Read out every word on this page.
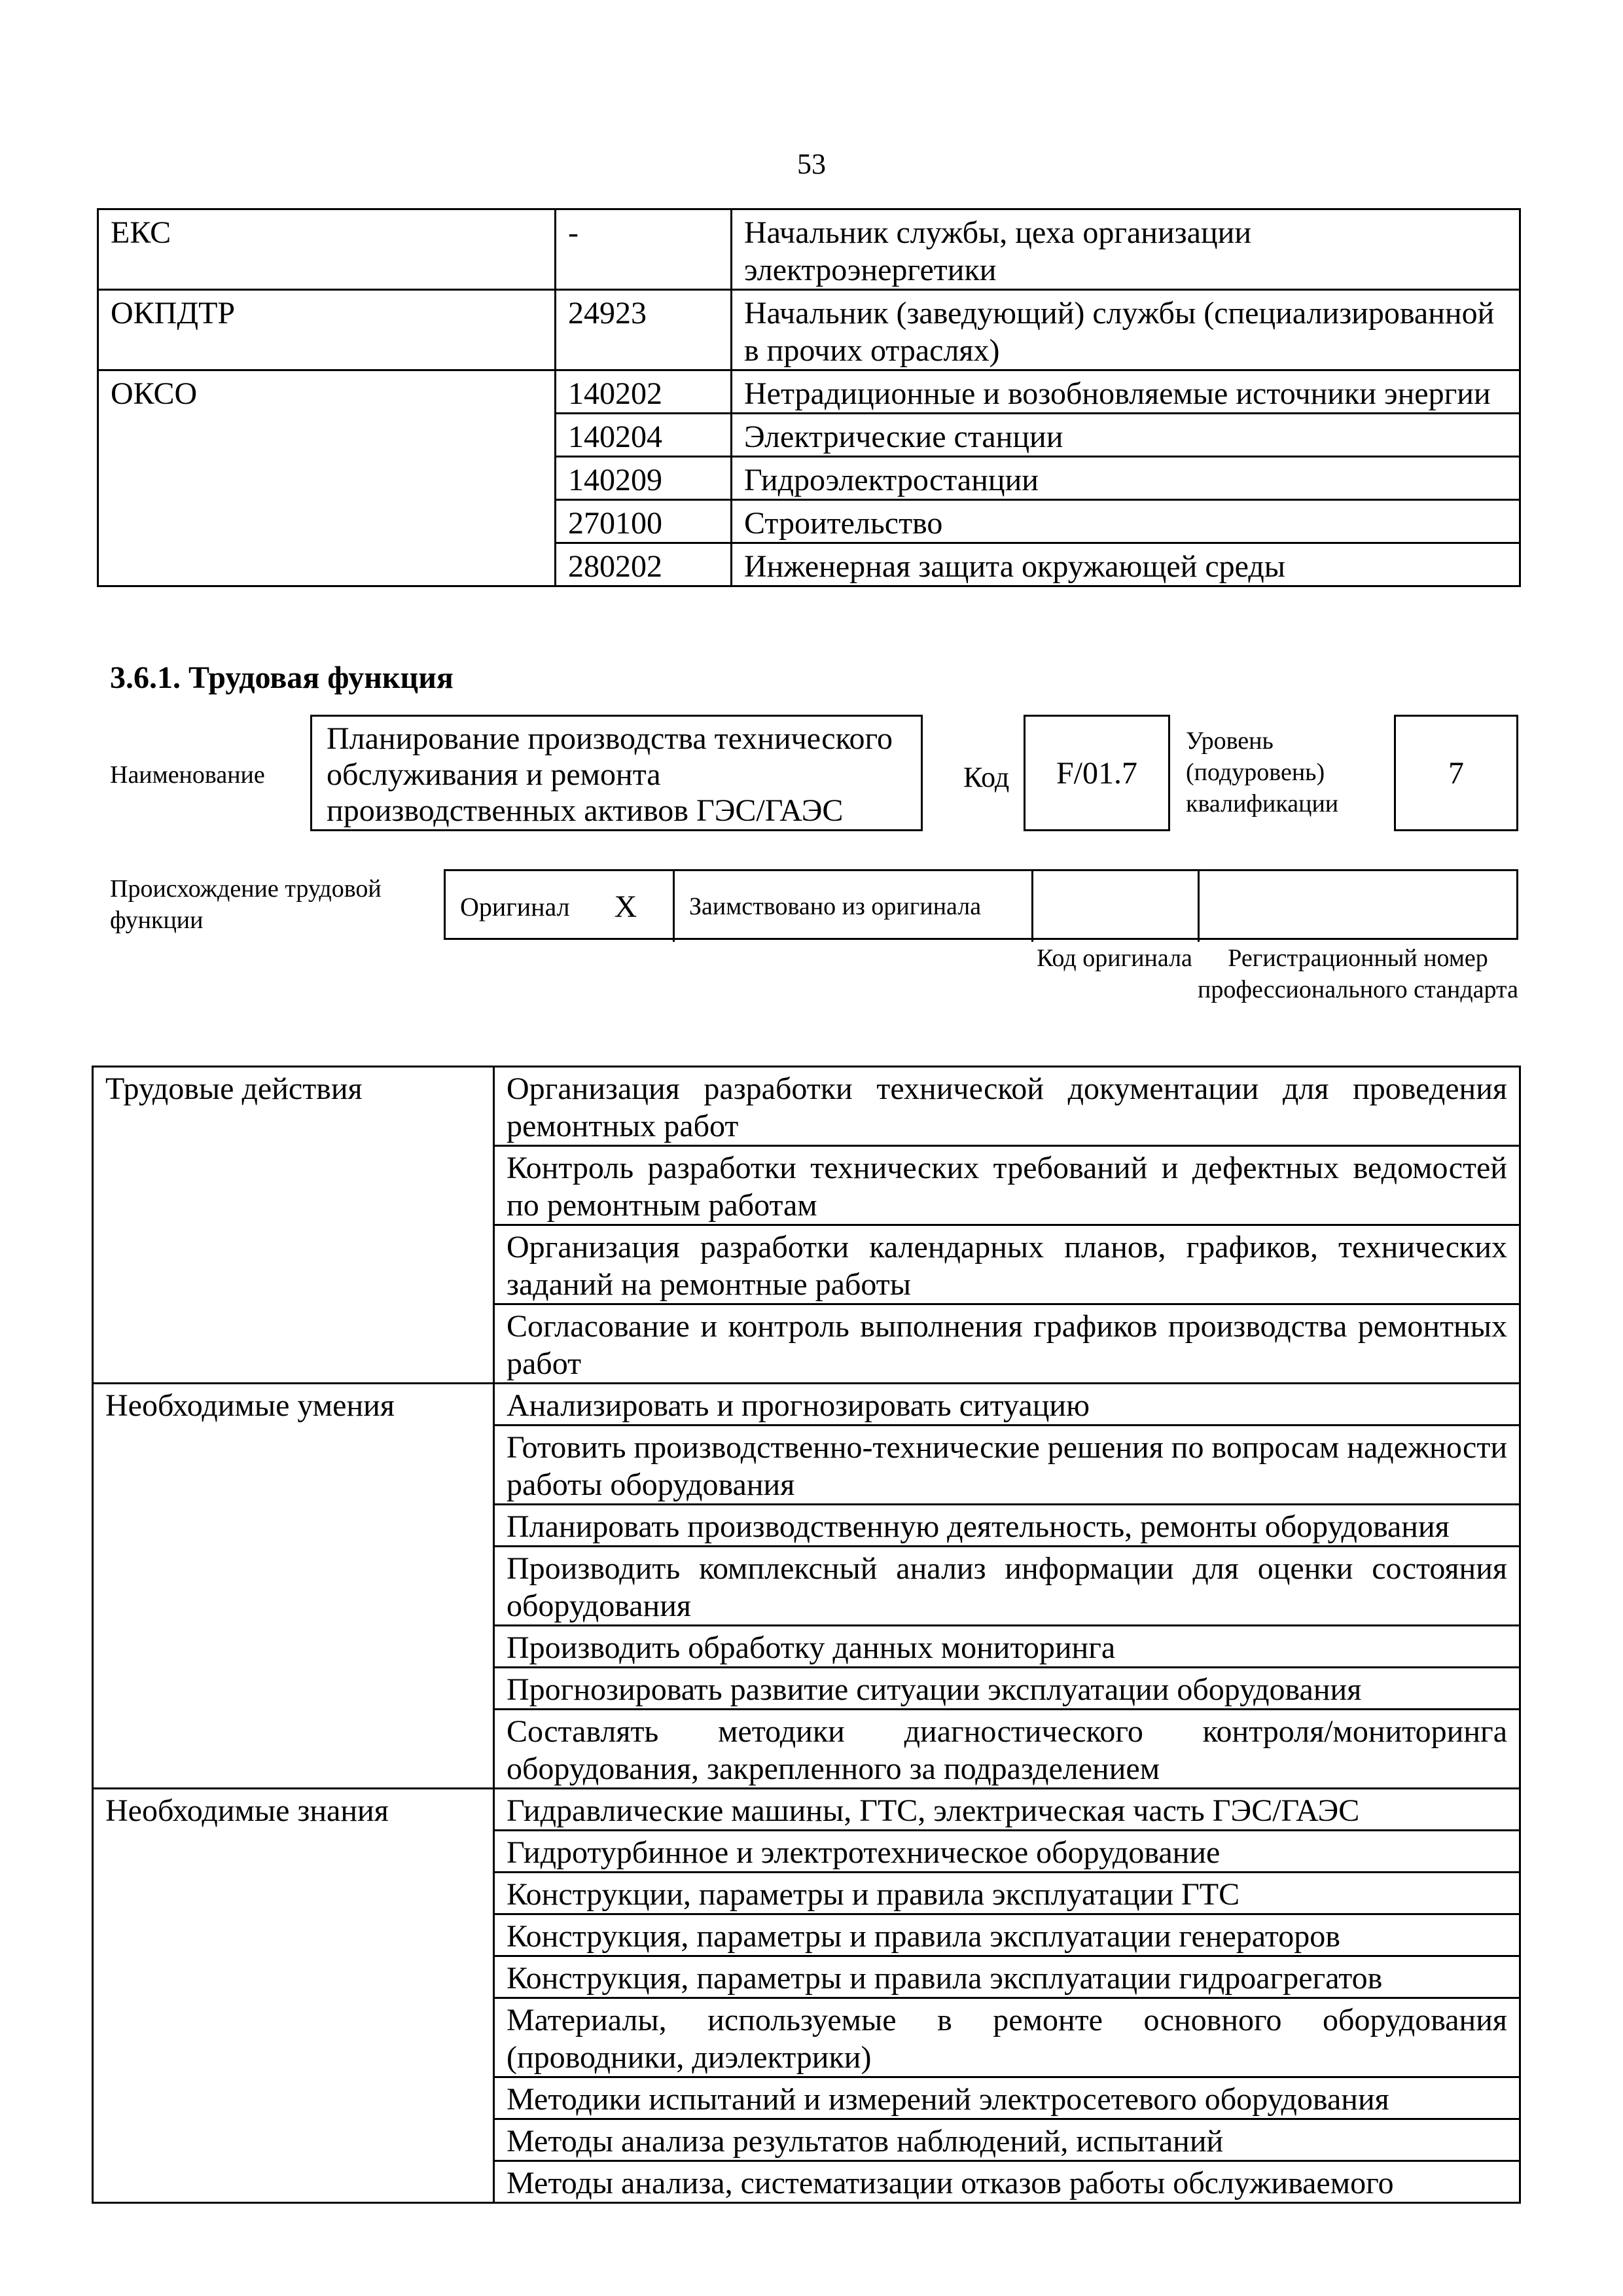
53
ЕКС	-	Начальник службы, цеха организации электроэнергетики
ОКПДТР	24923	Начальник (заведующий) службы (специализированной в прочих отраслях)
ОКСО	140202	Нетрадиционные и возобновляемые источники энергии
	140204	Электрические станции
	140209	Гидроэлектростанции
	270100	Строительство
	280202	Инженерная защита окружающей среды
3.6.1. Трудовая функция
Наименование
Планирование производства технического обслуживания и ремонта производственных активов ГЭС/ГАЭС
Код F/01.7
Уровень (подуровень) квалификации
7
Происхождение трудовой функции	Оригинал X Заимствовано из оригинала
Код оригинала	Регистрационный номер профессионального стандарта
Трудовые действия	Организация разработки технической документации для проведения ремонтных работ
	Контроль разработки технических требований и дефектных ведомостей по ремонтным работам
	Организация разработки календарных планов, графиков, технических заданий на ремонтные работы
	Согласование и контроль выполнения графиков производства ремонтных работ
Необходимые умения	Анализировать и прогнозировать ситуацию
	Готовить производственно-технические решения по вопросам надежности работы оборудования
	Планировать производственную деятельность, ремонты оборудования
	Производить комплексный анализ информации для оценки состояния оборудования
	Производить обработку данных мониторинга
	Прогнозировать развитие ситуации эксплуатации оборудования
	Составлять методики диагностического контроля/мониторинга оборудования, закрепленного за подразделением
Необходимые знания	Гидравлические машины, ГТС, электрическая часть ГЭС/ГАЭС
	Гидротурбинное и электротехническое оборудование
	Конструкции, параметры и правила эксплуатации ГТС
	Конструкция, параметры и правила эксплуатации генераторов
	Конструкция, параметры и правила эксплуатации гидроагрегатов
	Материалы, используемые в ремонте основного оборудования (проводники, диэлектрики)
	Методики испытаний и измерений электросетевого оборудования
	Методы анализа результатов наблюдений, испытаний
	Методы анализа, систематизации отказов работы обслуживаемого
